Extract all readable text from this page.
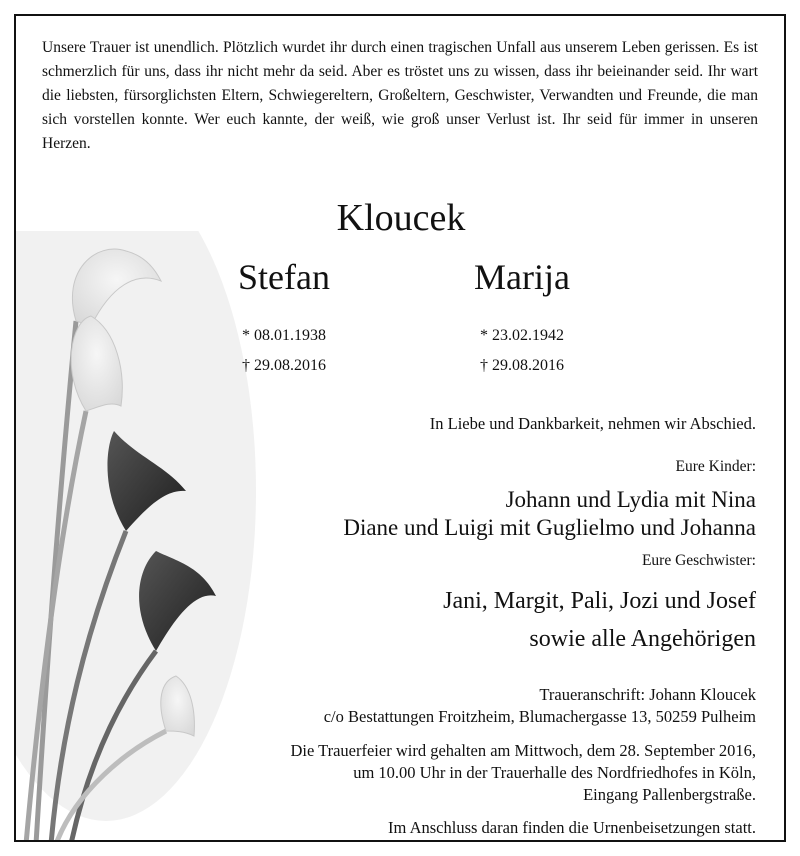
Unsere Trauer ist unendlich. Plötzlich wurdet ihr durch einen tragischen Unfall aus unserem Leben gerissen. Es ist schmerzlich für uns, dass ihr nicht mehr da seid. Aber es tröstet uns zu wissen, dass ihr beieinander seid. Ihr wart die liebsten, fürsorglichsten Eltern, Schwiegereltern, Großeltern, Geschwister, Verwandten und Freunde, die man sich vorstellen konnte. Wer euch kannte, der weiß, wie groß unser Verlust ist. Ihr seid für immer in unseren Herzen.
Kloucek
Stefan	Marija
* 08.01.1938
† 29.08.2016
* 23.02.1942
† 29.08.2016
In Liebe und Dankbarkeit, nehmen wir Abschied.
Eure Kinder:
Johann und Lydia mit Nina
Diane und Luigi mit Guglielmo und Johanna
Eure Geschwister:
Jani, Margit, Pali, Jozi und Josef
sowie alle Angehörigen
Traueranschrift: Johann Kloucek
c/o Bestattungen Froitzheim, Blumachergasse 13, 50259 Pulheim
Die Trauerfeier wird gehalten am Mittwoch, dem 28. September 2016,
um 10.00 Uhr in der Trauerhalle des Nordfriedhofes in Köln,
Eingang Pallenbergstraße.
Im Anschluss daran finden die Urnenbeisetzungen statt.
